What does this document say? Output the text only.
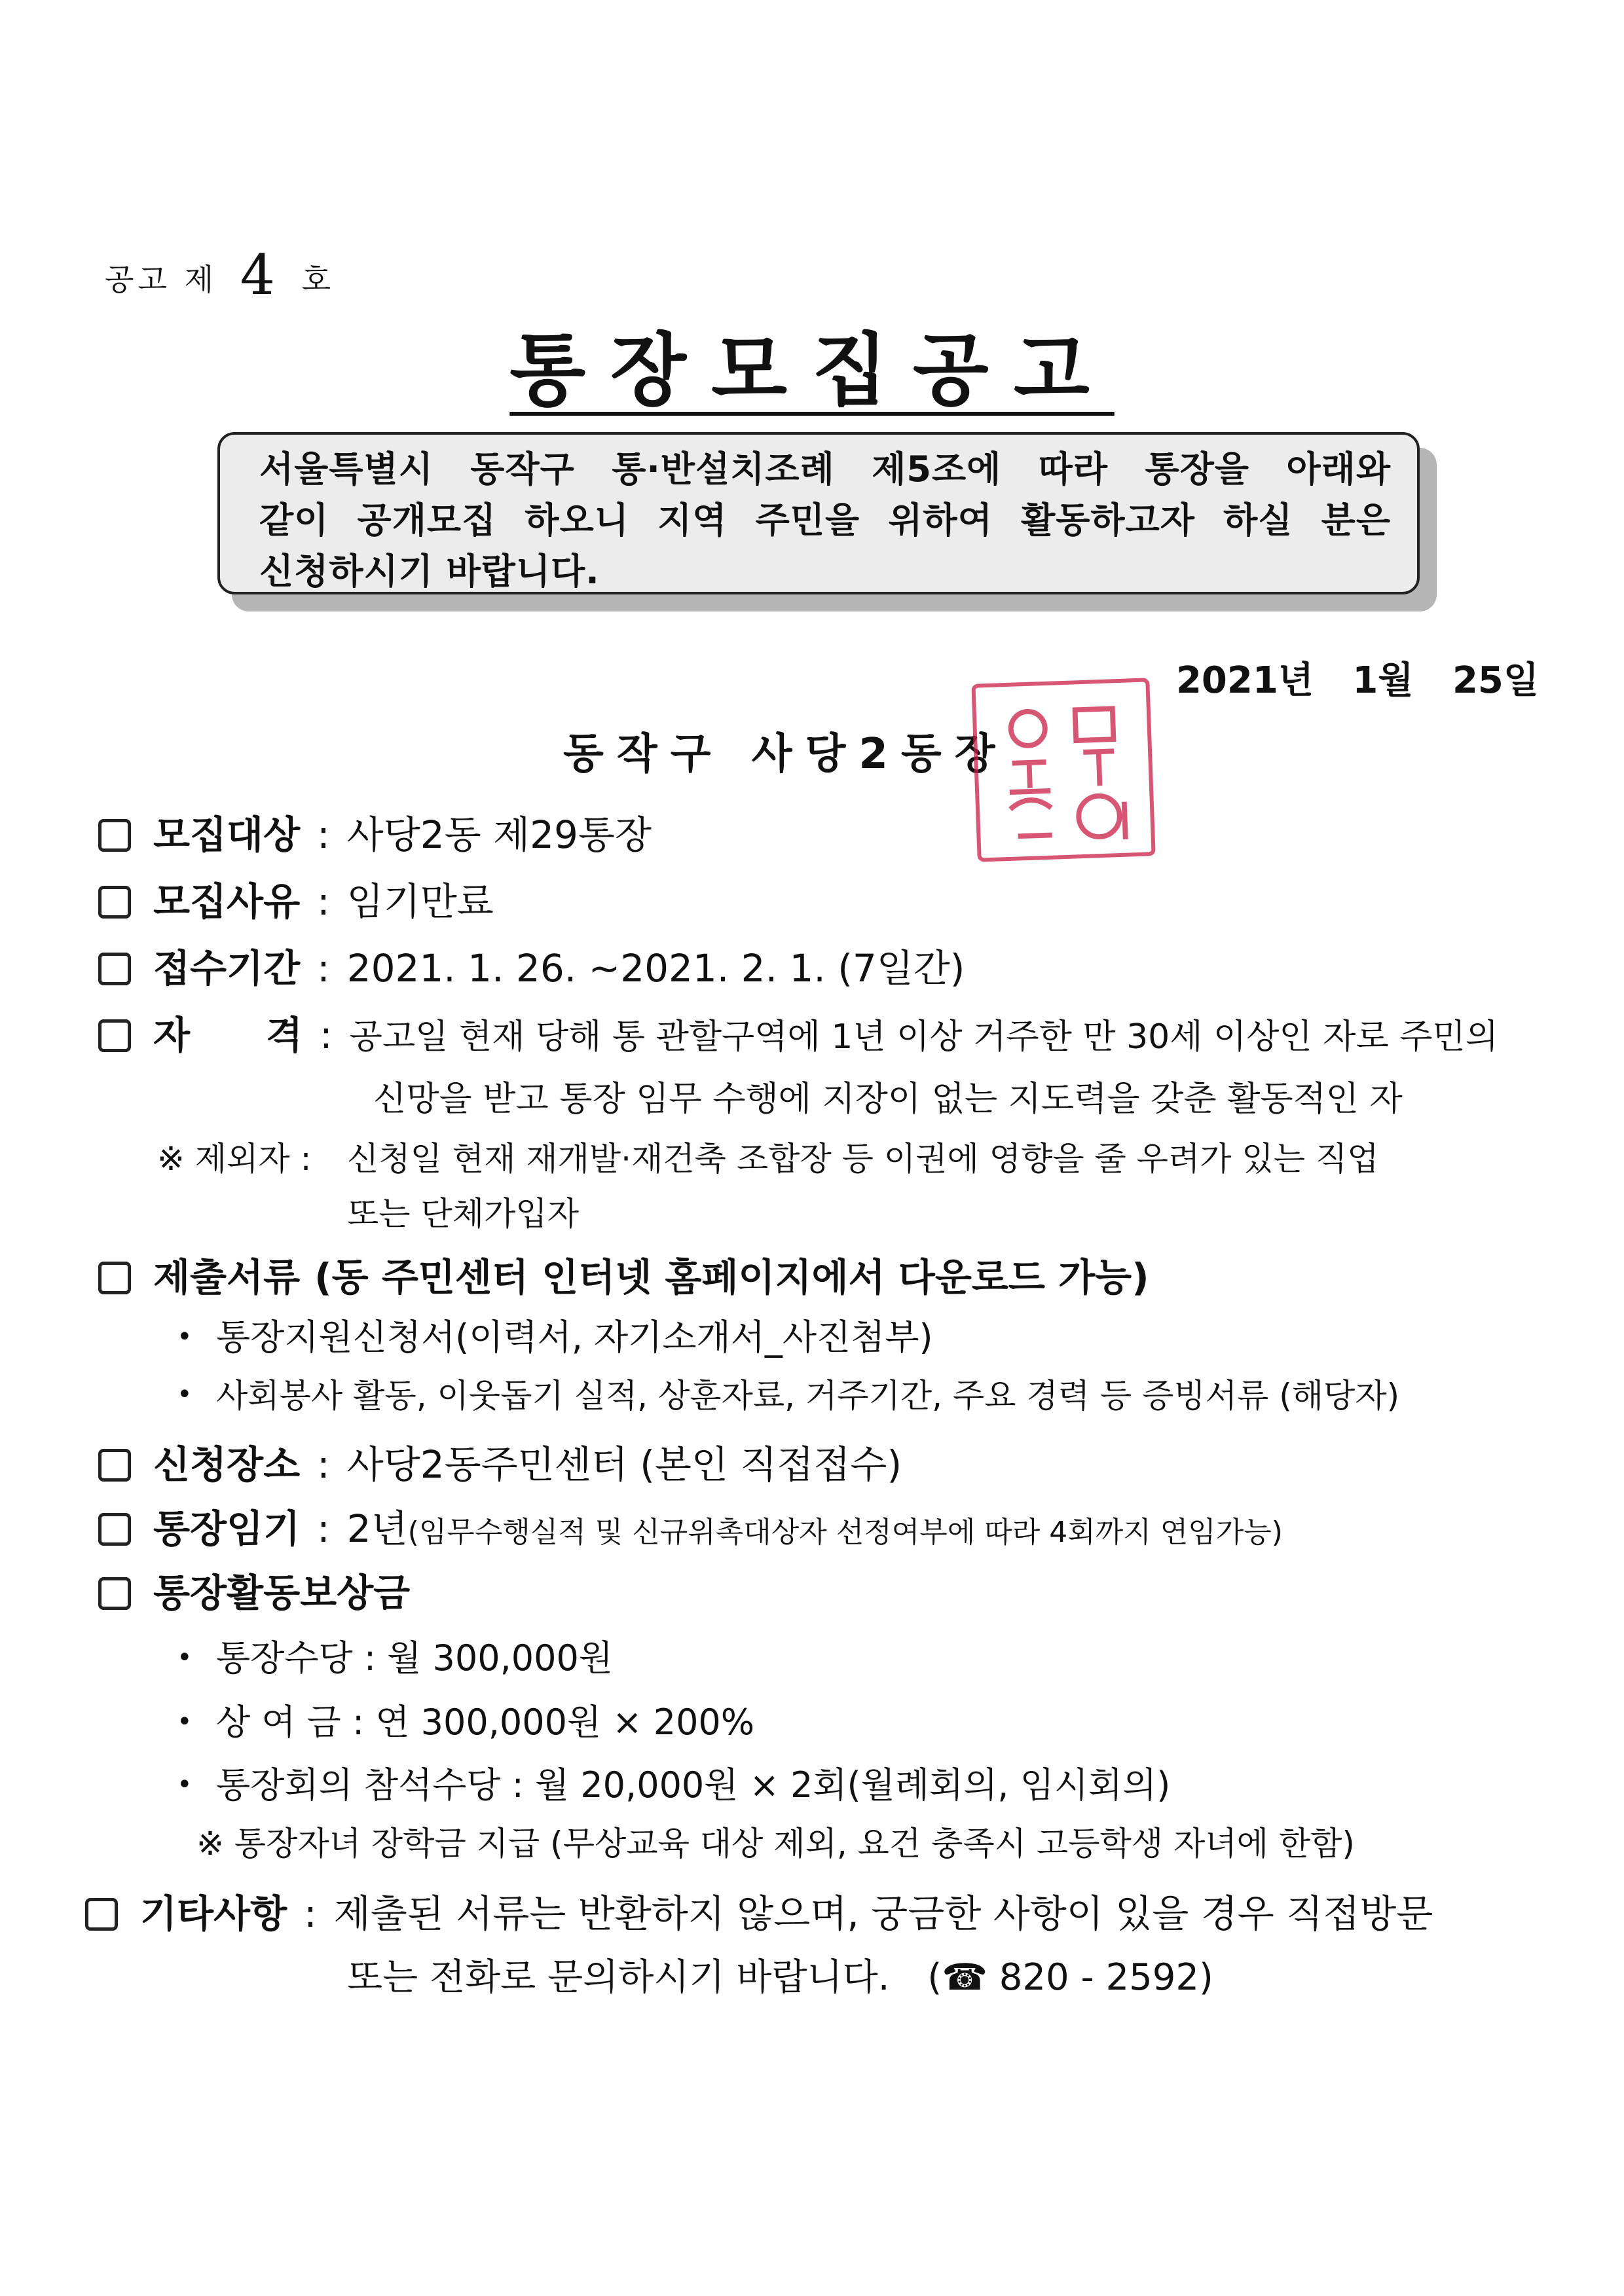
공고 제 4 호
통장모집공고

서울특별시 동작구 통·반설치조례 제5조에 따라 통장을 아래와

같이 공개모집 하오니 지역 주민을 위하여 활동하고자 하실 분은

신청하시기 바랍니다.

2021년 1월 25일
동작구 사당2동장
모집대상 : 사당2동 제29통장
모집사유 : 임기만료
접수기간 : 2021. 1. 26. ~2021. 2. 1. (7일간)
자　　격 : 공고일 현재 당해 통 관할구역에 1년 이상 거주한 만 30세 이상인 자로 주민의
신망을 받고 통장 임무 수행에 지장이 없는 지도력을 갖춘 활동적인 자
※ 제외자 : 신청일 현재 재개발·재건축 조합장 등 이권에 영향을 줄 우려가 있는 직업
또는 단체가입자
제출서류 (동 주민센터 인터넷 홈페이지에서 다운로드 가능)
• 통장지원신청서(이력서, 자기소개서_사진첨부)
• 사회봉사 활동, 이웃돕기 실적, 상훈자료, 거주기간, 주요 경력 등 증빙서류 (해당자)
신청장소 : 사당2동주민센터 (본인 직접접수)
통장임기 : 2년 (임무수행실적 및 신규위촉대상자 선정여부에 따라 4회까지 연임가능)
통장활동보상금
• 통장수당 : 월 300,000원
• 상 여 금 : 연 300,000원 × 200%
• 통장회의 참석수당 : 월 20,000원 × 2회(월례회의, 임시회의)
※ 통장자녀 장학금 지급 (무상교육 대상 제외, 요건 충족시 고등학생 자녀에 한함)
기타사항 : 제출된 서류는 반환하지 않으며, 궁금한 사항이 있을 경우 직접방문
또는 전화로 문의하시기 바랍니다. (☎ 820 - 2592)
